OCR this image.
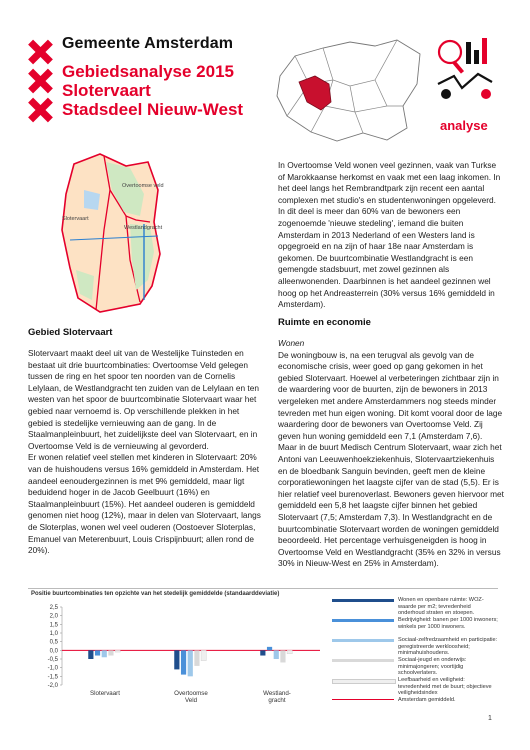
Gemeente Amsterdam
Gebiedsanalyse 2015
Slotervaart
Stadsdeel Nieuw-West
analyse
Overtoomse veld
Slotervaart
Westlandgracht
Gebied Slotervaart

Slotervaart maakt deel uit van de Westelijke Tuinsteden en bestaat uit drie buurtcombinaties: Overtoomse Veld gelegen tussen de ring en het spoor ten noorden van de Cornelis Lelylaan, de Westlandgracht ten zuiden van de Lelylaan en ten westen van het spoor de buurtcombinatie Slotervaart waar het gebied naar vernoemd is. Op verschillende plekken in het gebied is stedelijke vernieuwing aan de gang. In de Staalmanpleinbuurt, het zuidelijkste deel van Slotervaart, en in Overtoomse Veld is de vernieuwing al gevorderd.

Er wonen relatief veel stellen met kinderen in Slotervaart: 20% van de huishoudens versus 16% gemiddeld in Amsterdam. Het aandeel eenoudergezinnen is met 9% gemiddeld, maar ligt beduidend hoger in de Jacob Geelbuurt (16%) en Staalmanpleinbuurt (15%). Het aandeel ouderen is gemiddeld genomen niet hoog (12%), maar in delen van Slotervaart, langs de Sloterplas, wonen wel veel ouderen (Oostoever Sloterplas, Emanuel van Meterenbuurt, Louis Crispijnbuurt; allen rond de 20%).

In Overtoomse Veld wonen veel gezinnen, vaak van Turkse of Marokkaanse herkomst en vaak met een laag inkomen. In het deel langs het Rembrandtpark zijn recent een aantal complexen met studio's en studentenwoningen opgeleverd. In dit deel is meer dan 60% van de bewoners een zogenoemde 'nieuwe stedeling', iemand die buiten Amsterdam in 2013 Nederland of een Westers land is opgegroeid en na zijn of haar 18e naar Amsterdam is gekomen. De buurtcombinatie Westlandgracht is een gemengde stadsbuurt, met zowel gezinnen als alleenwonenden. Daarbinnen is het aandeel gezinnen wel hoog op het Andreasterrein (30% versus 16% gemiddeld in Amsterdam).

Ruimte en economie

Wonen

De woningbouw is, na een terugval als gevolg van de economische crisis, weer goed op gang gekomen in het gebied Slotervaart. Hoewel al verbeteringen zichtbaar zijn in de waardering voor de buurten, zijn de bewoners in 2013 vergeleken met andere Amsterdammers nog steeds minder tevreden met hun eigen woning. Dit komt vooral door de lage waardering door de bewoners van Overtoomse Veld. Zij geven hun woning gemiddeld een 7,1 (Amsterdam 7,6).

Maar in de buurt Medisch Centrum Slotervaart, waar zich het Antoni van Leeuwenhoekziekenhuis, Slotervaartziekenhuis en de bloedbank Sanguin bevinden, geeft men de kleine corporatiewoningen het laagste cijfer van de stad (5,5). Er is hier relatief veel burenoverlast. Bewoners geven hiervoor met gemiddeld een 5,8 het laagste cijfer binnen het gebied Slotervaart (7,5; Amsterdam 7,3). In Westlandgracht en de buurtcombinatie Slotervaart worden de woningen gemiddeld beoordeeld. Het percentage verhuisgeneigden is hoog in Overtoomse Veld en Westlandgracht (35% en 32% in versus 30% in Nieuw-West en 25% in Amsterdam).

Positie buurtcombinaties ten opzichte van het stedelijk gemiddelde (standaarddeviatie)
2,5
2,0
1,5
1,0
0,5
0,0
-0,5
-1,0
-1,5
-2,0
Slotervaart	Overtoomse
Veld
Westland-
gracht
Wonen en openbare ruimte: WOZ-waarde per m2; tevredenheid onderhoud straten en stoepen.
Bedrijvigheid: banen per 1000 inwoners; winkels per 1000 inwoners.
Sociaal-zelfredzaamheid en participatie: geregistreerde werkloosheid; minimahuishoudens.
Sociaal-jeugd en onderwijs: minimajongeren; voortijdig schoolverlaters.
Leefbaarheid en veiligheid: tevredenheid met de buurt; objectieve veiligheidsindex
Amsterdam gemiddeld.
1
